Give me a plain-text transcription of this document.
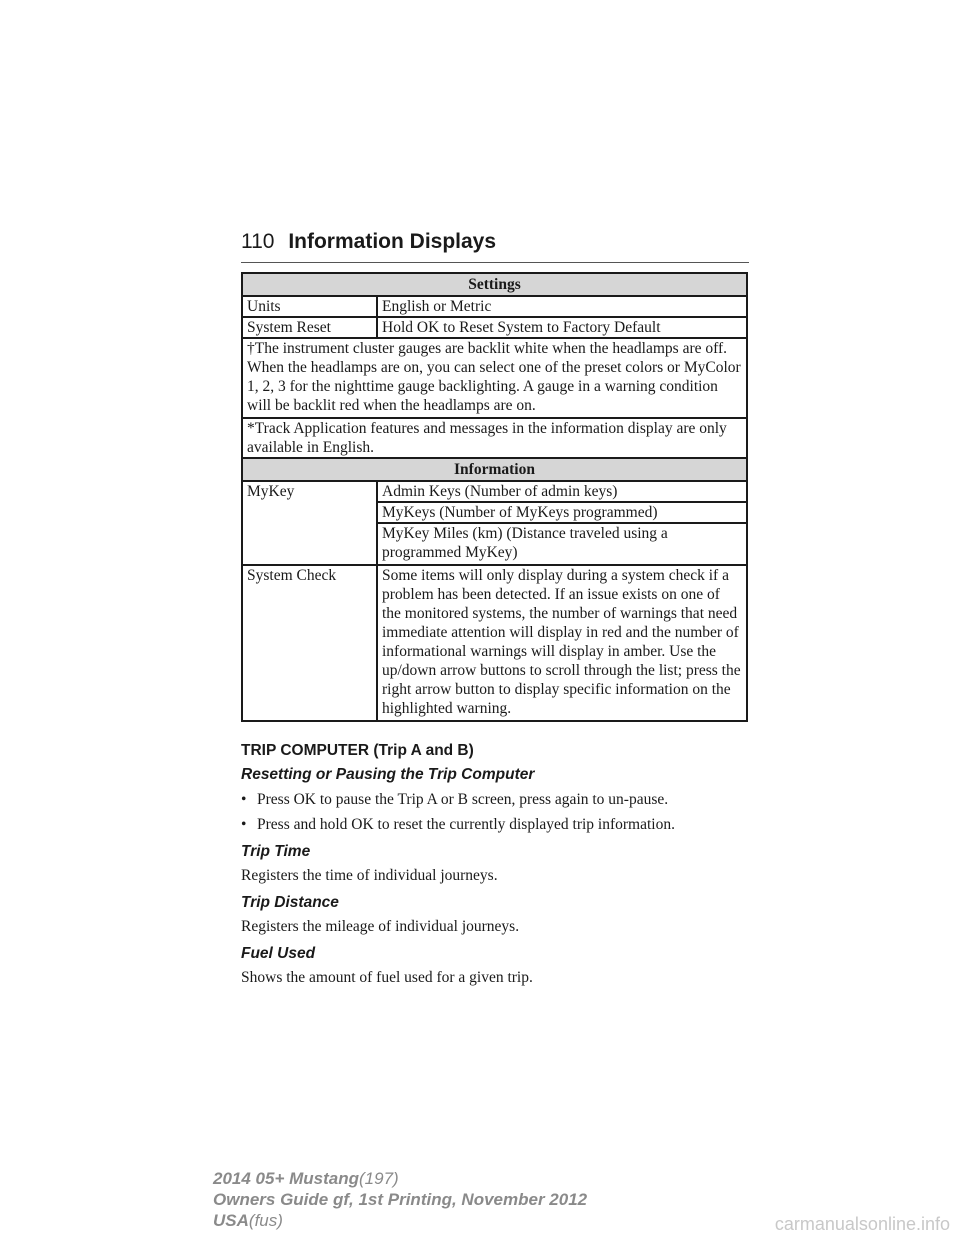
110 Information Displays
Settings	
Units	English or Metric
System Reset	Hold OK to Reset System to Factory Default
†The instrument cluster gauges are backlit white when the headlamps are off. When the headlamps are on, you can select one of the preset colors or MyColor 1, 2, 3 for the nighttime gauge backlighting. A gauge in a warning condition will be backlit red when the headlamps are on.	
*Track Application features and messages in the information display are only available in English.	
Information	
MyKey	Admin Keys (Number of admin keys)
	MyKeys (Number of MyKeys programmed)
	MyKey Miles (km) (Distance traveled using a programmed MyKey)
System Check	Some items will only display during a system check if a problem has been detected. If an issue exists on one of the monitored systems, the number of warnings that need immediate attention will display in red and the number of informational warnings will display in amber. Use the up/down arrow buttons to scroll through the list; press the right arrow button to display specific information on the highlighted warning.
TRIP COMPUTER (Trip A and B)
Resetting or Pausing the Trip Computer
• Press OK to pause the Trip A or B screen, press again to un-pause.
• Press and hold OK to reset the currently displayed trip information.
Trip Time
Registers the time of individual journeys.
Trip Distance
Registers the mileage of individual journeys.
Fuel Used
Shows the amount of fuel used for a given trip.
2014 05+ Mustang(197)
Owners Guide gf, 1st Printing, November 2012
USA(fus)	carmanualsonline.info
